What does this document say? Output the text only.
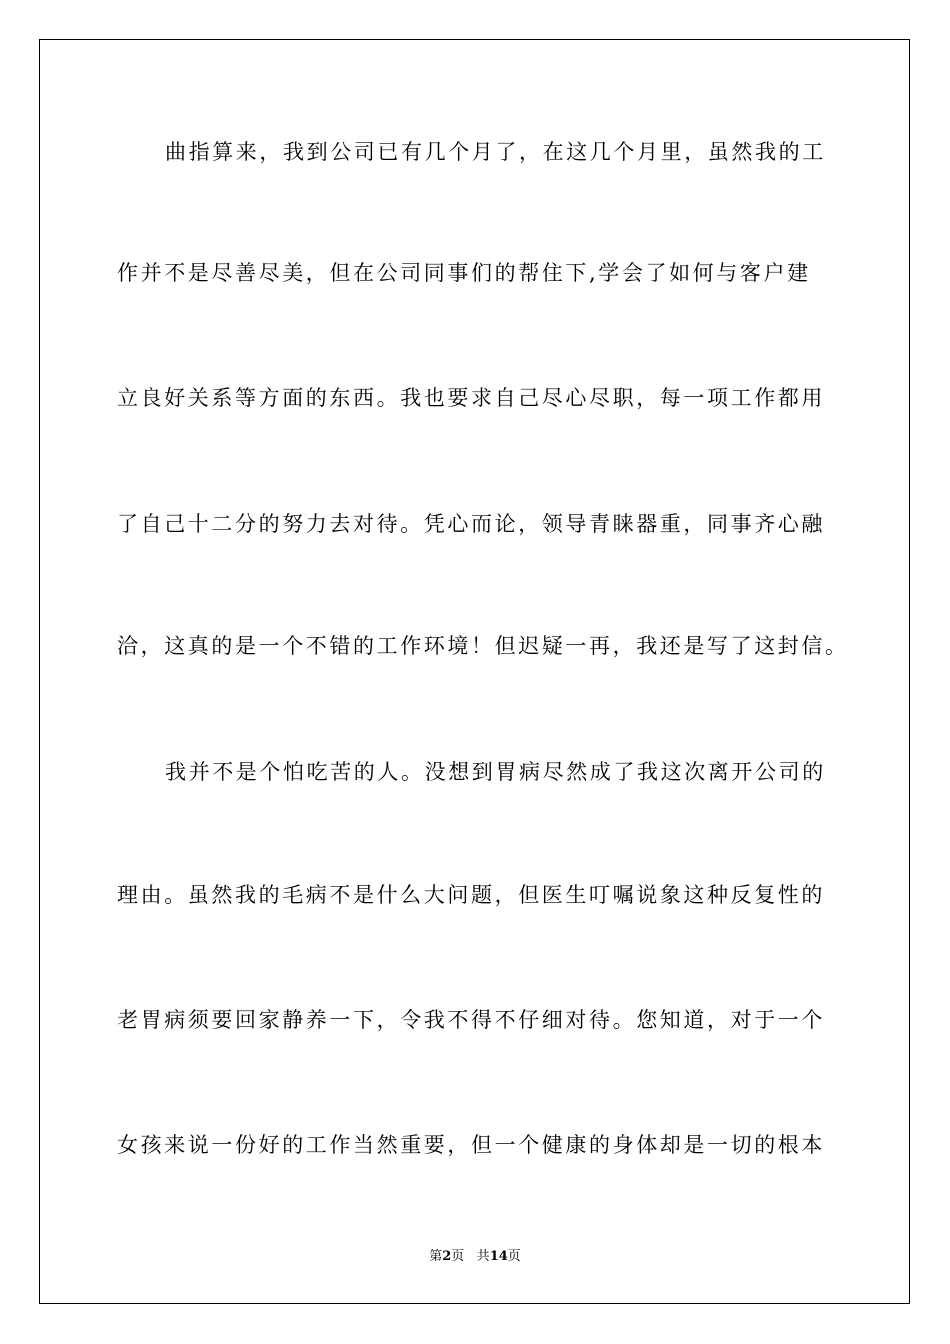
曲指算来，我到公司已有几个月了，在这几个月里，虽然我的工
作并不是尽善尽美，但在公司同事们的帮住下,学会了如何与客户建
立良好关系等方面的东西。我也要求自己尽心尽职，每一项工作都用
了自己十二分的努力去对待。凭心而论，领导青睐器重，同事齐心融
洽，这真的是一个不错的工作环境！但迟疑一再，我还是写了这封信。
我并不是个怕吃苦的人。没想到胃病尽然成了我这次离开公司的
理由。虽然我的毛病不是什么大问题，但医生叮嘱说象这种反复性的
老胃病须要回家静养一下，令我不得不仔细对待。您知道，对于一个
女孩来说一份好的工作当然重要，但一个健康的身体却是一切的根本
第2页 共14页
